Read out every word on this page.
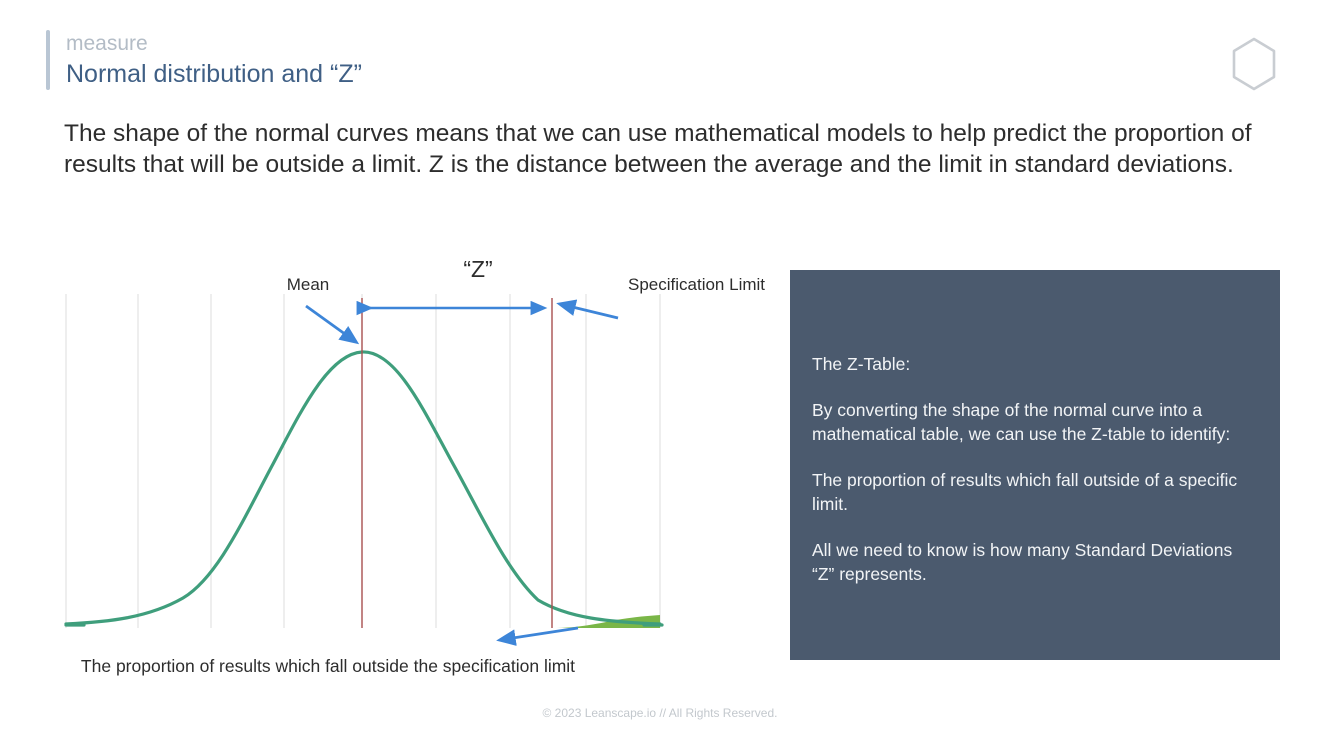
measure
Normal distribution and “Z”
The shape of the normal curves means that we can use mathematical models to help predict the proportion of results that will be outside a limit. Z is the distance between the average and the limit in standard deviations.
Mean
“Z”
Specification Limit
The proportion of results which fall outside the specification limit

The Z-Table:

By converting the shape of the normal curve into a mathematical table, we can use the Z-table to identify:

The proportion of results which fall outside of a specific limit.

All we need to know is how many Standard Deviations “Z” represents.

© 2023 Leanscape.io // All Rights Reserved.
